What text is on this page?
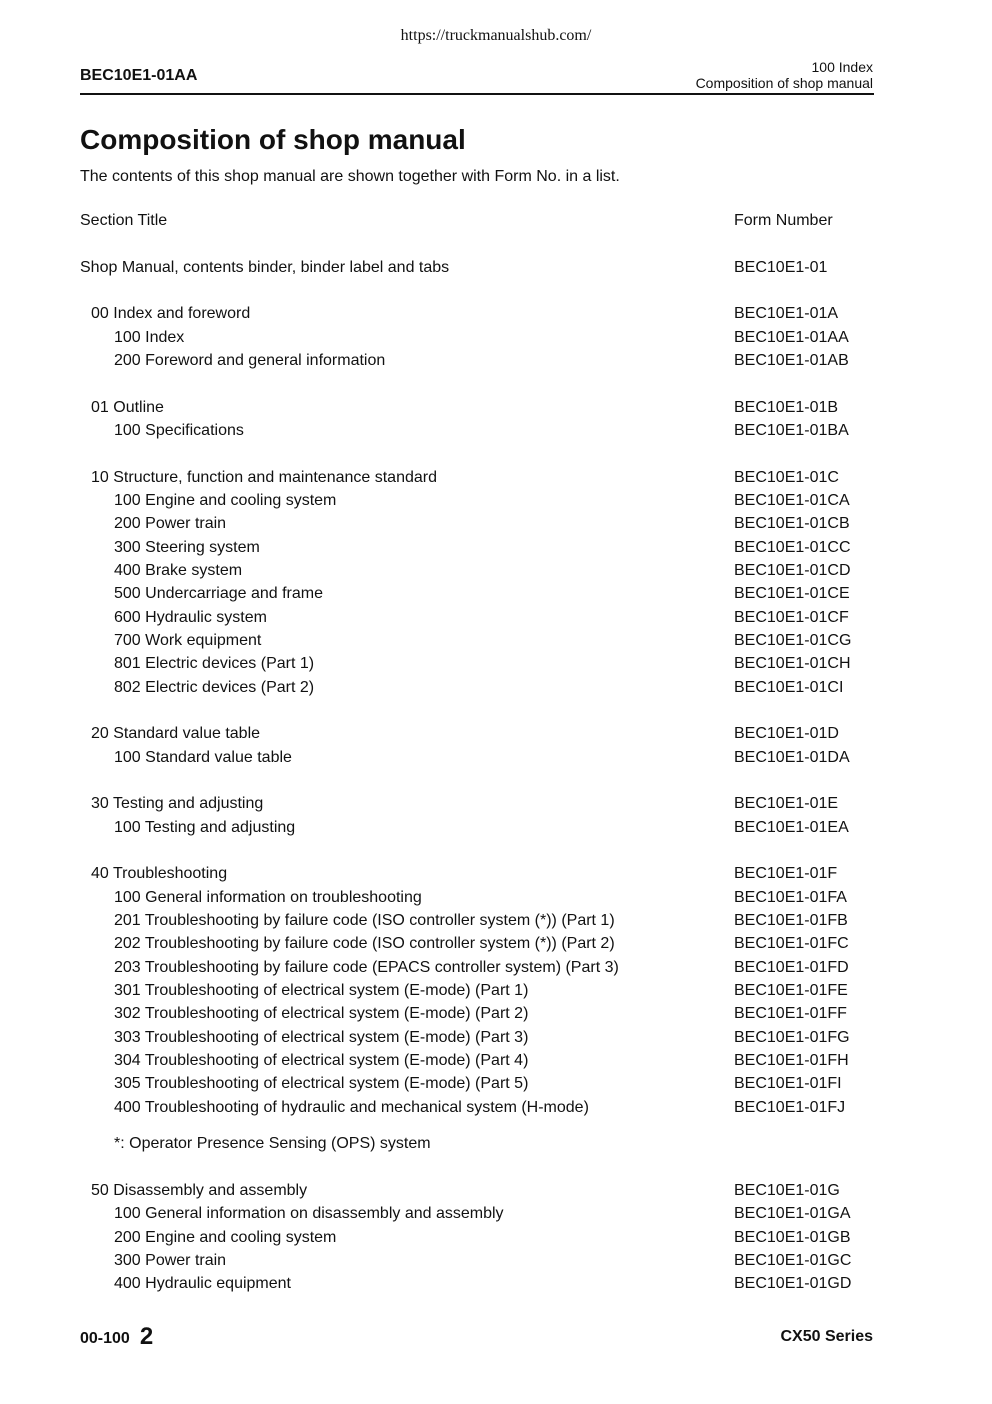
https://truckmanualshub.com/
BEC10E1-01AA	100 Index
Composition of shop manual
Composition of shop manual
The contents of this shop manual are shown together with Form No. in a list.
Section Title	Form Number
Shop Manual, contents binder, binder label and tabs	BEC10E1-01
00 Index and foreword	BEC10E1-01A
100 Index	BEC10E1-01AA
200 Foreword and general information	BEC10E1-01AB
01 Outline	BEC10E1-01B
100 Specifications	BEC10E1-01BA
10 Structure, function and maintenance standard	BEC10E1-01C
100 Engine and cooling system	BEC10E1-01CA
200 Power train	BEC10E1-01CB
300 Steering system	BEC10E1-01CC
400 Brake system	BEC10E1-01CD
500 Undercarriage and frame	BEC10E1-01CE
600 Hydraulic system	BEC10E1-01CF
700 Work equipment	BEC10E1-01CG
801 Electric devices (Part 1)	BEC10E1-01CH
802 Electric devices (Part 2)	BEC10E1-01CI
20 Standard value table	BEC10E1-01D
100 Standard value table	BEC10E1-01DA
30 Testing and adjusting	BEC10E1-01E
100 Testing and adjusting	BEC10E1-01EA
40 Troubleshooting	BEC10E1-01F
100 General information on troubleshooting	BEC10E1-01FA
201 Troubleshooting by failure code (ISO controller system (*)) (Part 1)	BEC10E1-01FB
202 Troubleshooting by failure code (ISO controller system (*)) (Part 2)	BEC10E1-01FC
203 Troubleshooting by failure code (EPACS controller system) (Part 3)	BEC10E1-01FD
301 Troubleshooting of electrical system (E-mode) (Part 1)	BEC10E1-01FE
302 Troubleshooting of electrical system (E-mode) (Part 2)	BEC10E1-01FF
303 Troubleshooting of electrical system (E-mode) (Part 3)	BEC10E1-01FG
304 Troubleshooting of electrical system (E-mode) (Part 4)	BEC10E1-01FH
305 Troubleshooting of electrical system (E-mode) (Part 5)	BEC10E1-01FI
400 Troubleshooting of hydraulic and mechanical system (H-mode)	BEC10E1-01FJ
*: Operator Presence Sensing (OPS) system
50 Disassembly and assembly	BEC10E1-01G
100 General information on disassembly and assembly	BEC10E1-01GA
200 Engine and cooling system	BEC10E1-01GB
300 Power train	BEC10E1-01GC
400 Hydraulic equipment	BEC10E1-01GD
00-100 2	CX50 Series
